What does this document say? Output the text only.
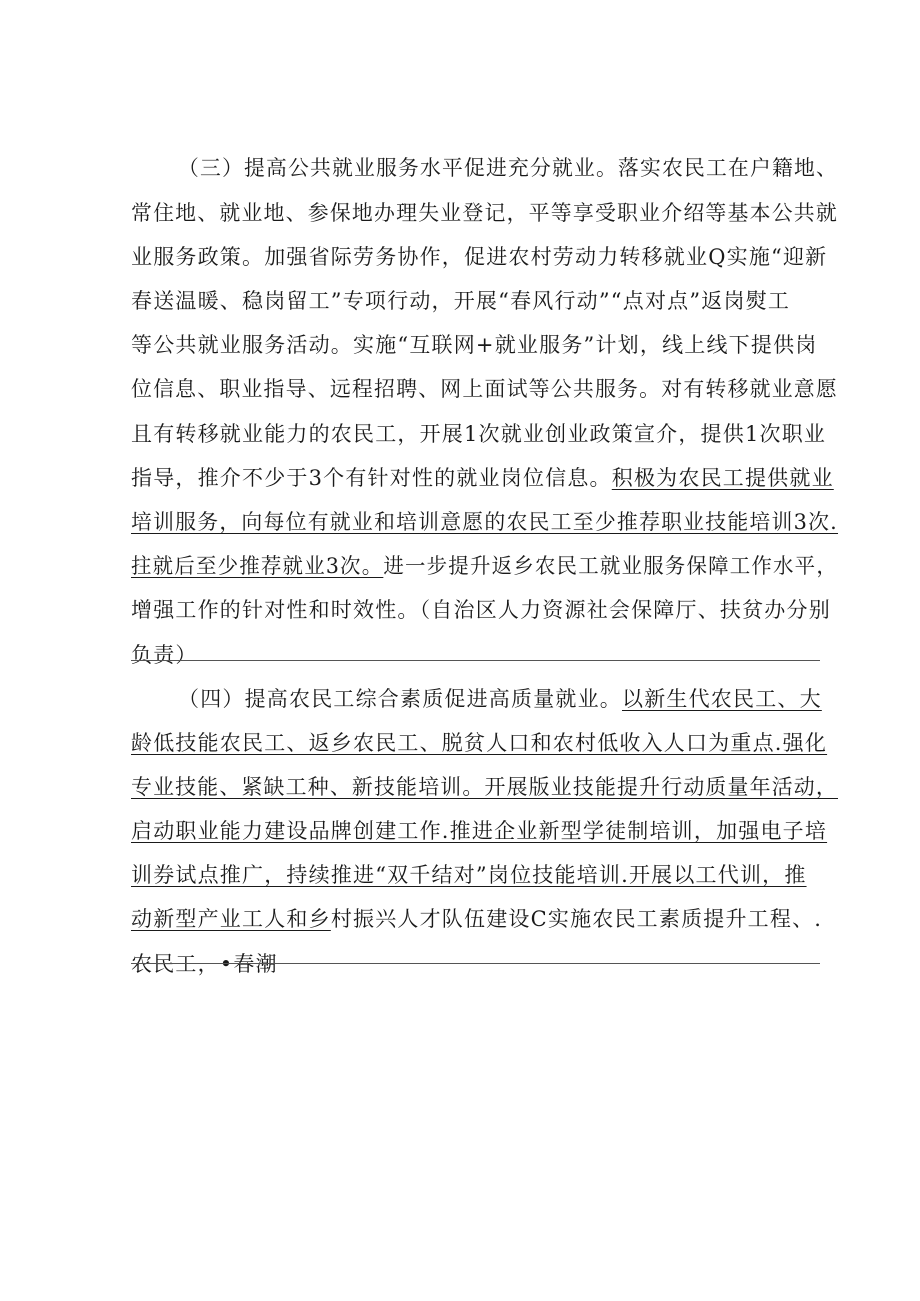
（三）提高公共就业服务水平促进充分就业。落实农民工在户籍地、

常住地、就业地、参保地办理失业登记，平等享受职业介绍等基本公共就

业服务政策。加强省际劳务协作，促进农村劳动力转移就业Q实施“迎新

春送温暖、稳岗留工”专项行动，开展“春风行动”“点对点”返岗熨工

等公共就业服务活动。实施“互联网+就业服务”计划，线上线下提供岗

位信息、职业指导、远程招聘、网上面试等公共服务。对有转移就业意愿

且有转移就业能力的农民工，开展1次就业创业政策宣介，提供1次职业

指导，推介不少于3个有针对性的就业岗位信息。积极为农民工提供就业

培训服务，向每位有就业和培训意愿的农民工至少推荐职业技能培训3次.

拄就后至少推荐就业3次。进一步提升返乡农民工就业服务保障工作水平，

增强工作的针对性和时效性。（自治区人力资源社会保障厅、扶贫办分别

负责）

（四）提高农民工综合素质促进高质量就业。以新生代农民工、大

龄低技能农民工、返乡农民工、脱贫人口和农村低收入人口为重点.强化

专业技能、紧缺工种、新技能培训。开展版业技能提升行动质量年活动，

启动职业能力建设品牌创建工作.推进企业新型学徒制培训，加强电子培

训券试点推广，持续推进“双千结对”岗位技能培训.开展以工代训，推

动新型产业工人和乡村振兴人才队伍建设C实施农民工素质提升工程、.

农民工，•春潮
